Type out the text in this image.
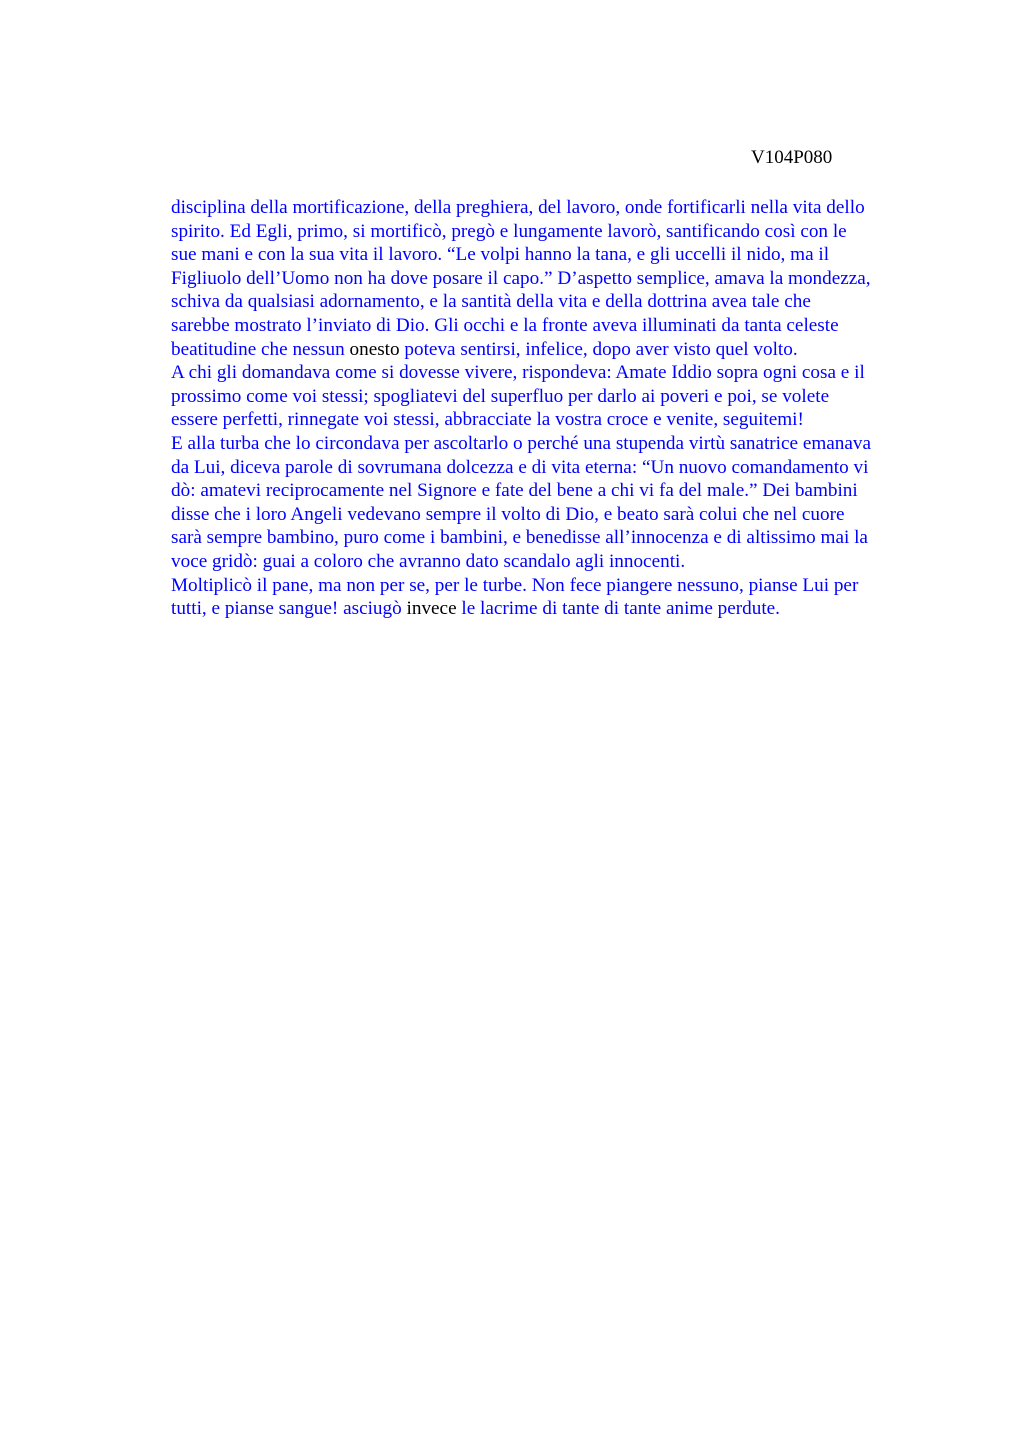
V104P080
disciplina della mortificazione, della preghiera, del lavoro, onde fortificarli nella vita dello
spirito. Ed Egli, primo, si mortificò, pregò e lungamente lavorò, santificando così con le
sue mani e con la sua vita il lavoro. “Le volpi hanno la tana, e gli uccelli il nido, ma il
Figliuolo dell’Uomo non ha dove posare il capo.” D’aspetto semplice, amava la mondezza,
schiva da qualsiasi adornamento, e la santità della vita e della dottrina avea tale che
sarebbe mostrato l’inviato di Dio. Gli occhi e la fronte aveva illuminati da tanta celeste
beatitudine che nessun onesto poteva sentirsi, infelice, dopo aver visto quel volto.
A chi gli domandava come si dovesse vivere, rispondeva: Amate Iddio sopra ogni cosa e il
prossimo come voi stessi; spogliatevi del superfluo per darlo ai poveri e poi, se volete
essere perfetti, rinnegate voi stessi, abbracciate la vostra croce e venite, seguitemi!
E alla turba che lo circondava per ascoltarlo o perché una stupenda virtù sanatrice emanava
da Lui, diceva parole di sovrumana dolcezza e di vita eterna: “Un nuovo comandamento vi
dò: amatevi reciprocamente nel Signore e fate del bene a chi vi fa del male.” Dei bambini
disse che i loro Angeli vedevano sempre il volto di Dio, e beato sarà colui che nel cuore
sarà sempre bambino, puro come i bambini, e benedisse all’innocenza e di altissimo mai la
voce gridò: guai a coloro che avranno dato scandalo agli innocenti.
Moltiplicò il pane, ma non per se, per le turbe. Non fece piangere nessuno, pianse Lui per
tutti, e pianse sangue! asciugò invece le lacrime di tante di tante anime perdute.
